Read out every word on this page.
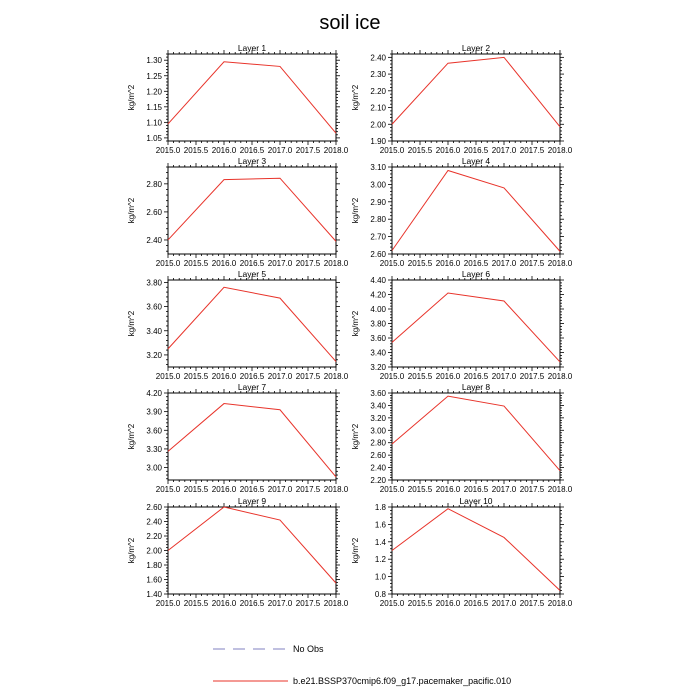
soil ice
Layer 1
2015.0 2015.5 2016.0 2016.5 2017.0 2017.5 2018.0
1.05
1.10
1.15
1.20
1.25
1.30
kg/m^2
Layer 2
2015.0 2015.5 2016.0 2016.5 2017.0 2017.5 2018.0
1.90
2.00
2.10
2.20
2.30
2.40
kg/m^2
Layer 3
2015.0 2015.5 2016.0 2016.5 2017.0 2017.5 2018.0
2.40
2.60
2.80
kg/m^2
Layer 4
2015.0 2015.5 2016.0 2016.5 2017.0 2017.5 2018.0
2.60
2.70
2.80
2.90
3.00
3.10
kg/m^2
Layer 5
2015.0 2015.5 2016.0 2016.5 2017.0 2017.5 2018.0
3.20
3.40
3.60
3.80
kg/m^2
Layer 6
2015.0 2015.5 2016.0 2016.5 2017.0 2017.5 2018.0
3.20
3.40
3.60
3.80
4.00
4.20
4.40
kg/m^2
Layer 7
2015.0 2015.5 2016.0 2016.5 2017.0 2017.5 2018.0
3.00
3.30
3.60
3.90
4.20
kg/m^2
Layer 8
2015.0 2015.5 2016.0 2016.5 2017.0 2017.5 2018.0
2.20
2.40
2.60
2.80
3.00
3.20
3.40
3.60
kg/m^2
Layer 9
2015.0 2015.5 2016.0 2016.5 2017.0 2017.5 2018.0
1.40
1.60
1.80
2.00
2.20
2.40
2.60
kg/m^2
Layer 10
2015.0 2015.5 2016.0 2016.5 2017.0 2017.5 2018.0
0.8
1.0
1.2
1.4
1.6
1.8
kg/m^2
No Obs
b.e21.BSSP370cmip6.f09_g17.pacemaker_pacific.010
